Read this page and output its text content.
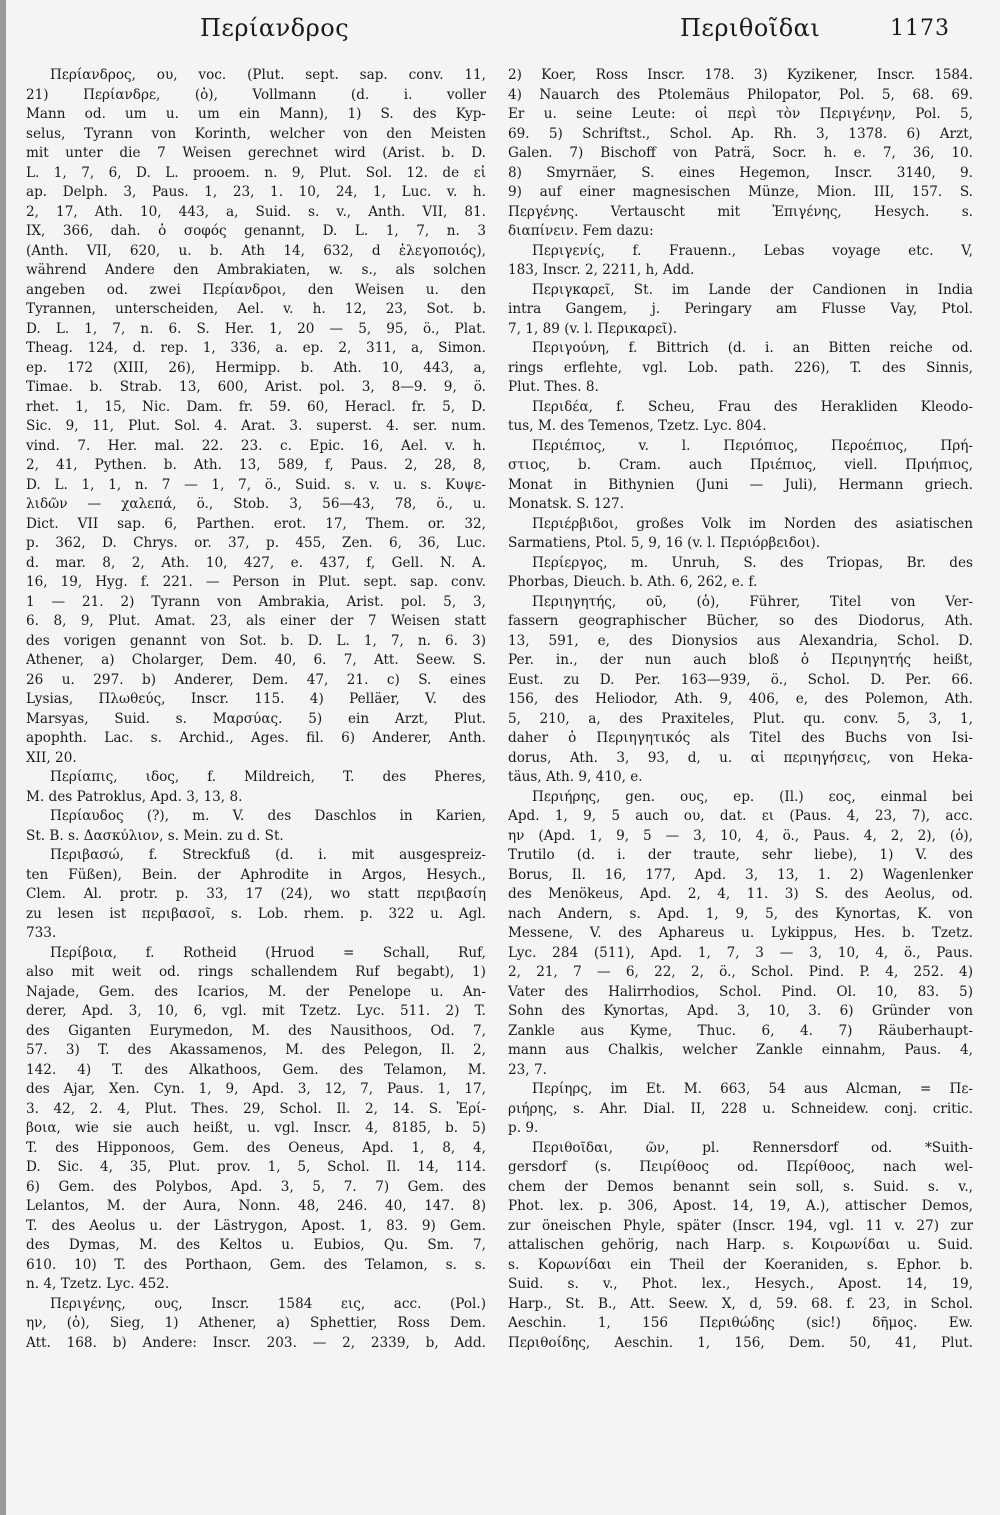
Περίανδρος	Περιθοῖδαι	1173
Περίανδρος, ου, voc. (Plut. sept. sap. conv. 11,
21) Περίανδρε, (ὁ), Vollmann (d. i. voller
Mann od. um u. um ein Mann), 1) S. des Kyp-
selus, Tyrann von Korinth, welcher von den Meisten
mit unter die 7 Weisen gerechnet wird (Arist. b. D.
L. 1, 7, 6, D. L. prooem. n. 9, Plut. Sol. 12. de εἰ
ap. Delph. 3, Paus. 1, 23, 1. 10, 24, 1, Luc. v. h.
2, 17, Ath. 10, 443, a, Suid. s. v., Anth. VII, 81.
IX, 366, dah. ὁ σοφός genannt, D. L. 1, 7, n. 3
(Anth. VII, 620, u. b. Ath 14, 632, d ἐλεγοποιός),
während Andere den Ambrakiaten, w. s., als solchen
angeben od. zwei Περίανδροι, den Weisen u. den
Tyrannen, unterscheiden, Ael. v. h. 12, 23, Sot. b.
D. L. 1, 7, n. 6. S. Her. 1, 20 — 5, 95, ö., Plat.
Theag. 124, d. rep. 1, 336, a. ep. 2, 311, a, Simon.
ep. 172 (XIII, 26), Hermipp. b. Ath. 10, 443, a,
Timae. b. Strab. 13, 600, Arist. pol. 3, 8—9. 9, ö.
rhet. 1, 15, Nic. Dam. fr. 59. 60, Heracl. fr. 5, D.
Sic. 9, 11, Plut. Sol. 4. Arat. 3. superst. 4. ser. num.
vind. 7. Her. mal. 22. 23. c. Epic. 16, Ael. v. h.
2, 41, Pythen. b. Ath. 13, 589, f, Paus. 2, 28, 8,
D. L. 1, 1, n. 7 — 1, 7, ö., Suid. s. v. u. s. Κυψε-
λιδῶν — χαλεπά, ö., Stob. 3, 56—43, 78, ö., u.
Dict. VII sap. 6, Parthen. erot. 17, Them. or. 32,
p. 362, D. Chrys. or. 37, p. 455, Zen. 6, 36, Luc.
d. mar. 8, 2, Ath. 10, 427, e. 437, f, Gell. N. A.
16, 19, Hyg. f. 221. — Person in Plut. sept. sap. conv.
1 — 21. 2) Tyrann von Ambrakia, Arist. pol. 5, 3,
6. 8, 9, Plut. Amat. 23, als einer der 7 Weisen statt
des vorigen genannt von Sot. b. D. L. 1, 7, n. 6. 3)
Athener, a) Cholarger, Dem. 40, 6. 7, Att. Seew. S.
26 u. 297. b) Anderer, Dem. 47, 21. c) S. eines
Lysias, Πλωθεύς, Inscr. 115. 4) Pelläer, V. des
Marsyas, Suid. s. Μαρσύας. 5) ein Arzt, Plut.
apophth. Lac. s. Archid., Ages. fil. 6) Anderer, Anth.
XII, 20.
Περίαπις, ιδος, f. Mildreich, T. des Pheres,
M. des Patroklus, Apd. 3, 13, 8.
Περίαυδος (?), m. V. des Daschlos in Karien,
St. B. s. Δασκύλιον, s. Mein. zu d. St.
Περιβασώ, f. Streckfuß (d. i. mit ausgespreiz-
ten Füßen), Bein. der Aphrodite in Argos, Hesych.,
Clem. Al. protr. p. 33, 17 (24), wo statt περιβασίη
zu lesen ist περιβασοῖ, s. Lob. rhem. p. 322 u. Agl.
733.
Περίβοια, f. Rotheid (Hruod = Schall, Ruf,
also mit weit od. rings schallendem Ruf begabt), 1)
Najade, Gem. des Icarios, M. der Penelope u. An-
derer, Apd. 3, 10, 6, vgl. mit Tzetz. Lyc. 511. 2) T.
des Giganten Eurymedon, M. des Nausithoos, Od. 7,
57. 3) T. des Akassamenos, M. des Pelegon, Il. 2,
142. 4) T. des Alkathoos, Gem. des Telamon, M.
des Ajar, Xen. Cyn. 1, 9, Apd. 3, 12, 7, Paus. 1, 17,
3. 42, 2. 4, Plut. Thes. 29, Schol. Il. 2, 14. S. Ἐρί-
βοια, wie sie auch heißt, u. vgl. Inscr. 4, 8185, b. 5)
T. des Hipponoos, Gem. des Oeneus, Apd. 1, 8, 4,
D. Sic. 4, 35, Plut. prov. 1, 5, Schol. Il. 14, 114.
6) Gem. des Polybos, Apd. 3, 5, 7. 7) Gem. des
Lelantos, M. der Aura, Nonn. 48, 246. 40, 147. 8)
T. des Aeolus u. der Lästrygon, Apost. 1, 83. 9) Gem.
des Dymas, M. des Keltos u. Eubios, Qu. Sm. 7,
610. 10) T. des Porthaon, Gem. des Telamon, s. s.
n. 4, Tzetz. Lyc. 452.
Περιγένης, ους, Inscr. 1584 εις, acc. (Pol.)
ην, (ὁ), Sieg, 1) Athener, a) Sphettier, Ross Dem.
Att. 168. b) Andere: Inscr. 203. — 2, 2339, b, Add.
2) Koer, Ross Inscr. 178. 3) Kyzikener, Inscr. 1584.
4) Nauarch des Ptolemäus Philopator, Pol. 5, 68. 69.
Er u. seine Leute: οἱ περὶ τὸν Περιγένην, Pol. 5,
69. 5) Schriftst., Schol. Ap. Rh. 3, 1378. 6) Arzt,
Galen. 7) Bischoff von Paträ, Socr. h. e. 7, 36, 10.
8) Smyrnäer, S. eines Hegemon, Inscr. 3140, 9.
9) auf einer magnesischen Münze, Mion. III, 157. S.
Περγένης. Vertauscht mit Ἐπιγένης, Hesych. s.
διαπίνειν. Fem dazu:
Περιγενίς, f. Frauenn., Lebas voyage etc. V,
183, Inscr. 2, 2211, h, Add.
Περιγκαρεῖ, St. im Lande der Candionen in India
intra Gangem, j. Peringary am Flusse Vay, Ptol.
7, 1, 89 (v. l. Περικαρεῖ).
Περιγούνη, f. Bittrich (d. i. an Bitten reiche od.
rings erflehte, vgl. Lob. path. 226), T. des Sinnis,
Plut. Thes. 8.
Περιδέα, f. Scheu, Frau des Herakliden Kleodo-
tus, M. des Temenos, Tzetz. Lyc. 804.
Περιέπιος, v. l. Περιόπιος, Περοέπιος, Πρή-
στιος, b. Cram. auch Πριέπιος, viell. Πριήπιος,
Monat in Bithynien (Juni — Juli), Hermann griech.
Monatsk. S. 127.
Περιέρβιδοι, großes Volk im Norden des asiatischen
Sarmatiens, Ptol. 5, 9, 16 (v. l. Περιόρβειδοι).
Περίεργος, m. Unruh, S. des Triopas, Br. des
Phorbas, Dieuch. b. Ath. 6, 262, e. f.
Περιηγητής, οῦ, (ὁ), Führer, Titel von Ver-
fassern geographischer Bücher, so des Diodorus, Ath.
13, 591, e, des Dionysios aus Alexandria, Schol. D.
Per. in., der nun auch bloß ὁ Περιηγητής heißt,
Eust. zu D. Per. 163—939, ö., Schol. D. Per. 66.
156, des Heliodor, Ath. 9, 406, e, des Polemon, Ath.
5, 210, a, des Praxiteles, Plut. qu. conv. 5, 3, 1,
daher ὁ Περιηγητικός als Titel des Buchs von Isi-
dorus, Ath. 3, 93, d, u. αἱ περιηγήσεις, von Heka-
täus, Ath. 9, 410, e.
Περιήρης, gen. ους, ep. (Il.) εος, einmal bei
Apd. 1, 9, 5 auch ου, dat. ει (Paus. 4, 23, 7), acc.
ην (Apd. 1, 9, 5 — 3, 10, 4, ö., Paus. 4, 2, 2), (ὁ),
Trutilo (d. i. der traute, sehr liebe), 1) V. des
Borus, Il. 16, 177, Apd. 3, 13, 1. 2) Wagenlenker
des Menökeus, Apd. 2, 4, 11. 3) S. des Aeolus, od.
nach Andern, s. Apd. 1, 9, 5, des Kynortas, K. von
Messene, V. des Aphareus u. Lykippus, Hes. b. Tzetz.
Lyc. 284 (511), Apd. 1, 7, 3 — 3, 10, 4, ö., Paus.
2, 21, 7 — 6, 22, 2, ö., Schol. Pind. P. 4, 252. 4)
Vater des Halirrhodios, Schol. Pind. Ol. 10, 83. 5)
Sohn des Kynortas, Apd. 3, 10, 3. 6) Gründer von
Zankle aus Kyme, Thuc. 6, 4. 7) Räuberhaupt-
mann aus Chalkis, welcher Zankle einnahm, Paus. 4,
23, 7.
Περίηρς, im Et. M. 663, 54 aus Alcman, = Πε-
ριήρης, s. Ahr. Dial. II, 228 u. Schneidew. conj. critic.
p. 9.
Περιθοῖδαι, ῶν, pl. Rennersdorf od. *Suith-
gersdorf (s. Πειρίθοος od. Περίθοος, nach wel-
chem der Demos benannt sein soll, s. Suid. s. v.,
Phot. lex. p. 306, Apost. 14, 19, A.), attischer Demos,
zur öneischen Phyle, später (Inscr. 194, vgl. 11 v. 27) zur
attalischen gehörig, nach Harp. s. Κοιρωνίδαι u. Suid.
s. Κορωνίδαι ein Theil der Koeraniden, s. Ephor. b.
Suid. s. v., Phot. lex., Hesych., Apost. 14, 19,
Harp., St. B., Att. Seew. X, d, 59. 68. f. 23, in Schol.
Aeschin. 1, 156 Περιθώδης (sic!) δῆμος. Ew.
Περιθοίδης, Aeschin. 1, 156, Dem. 50, 41, Plut.
